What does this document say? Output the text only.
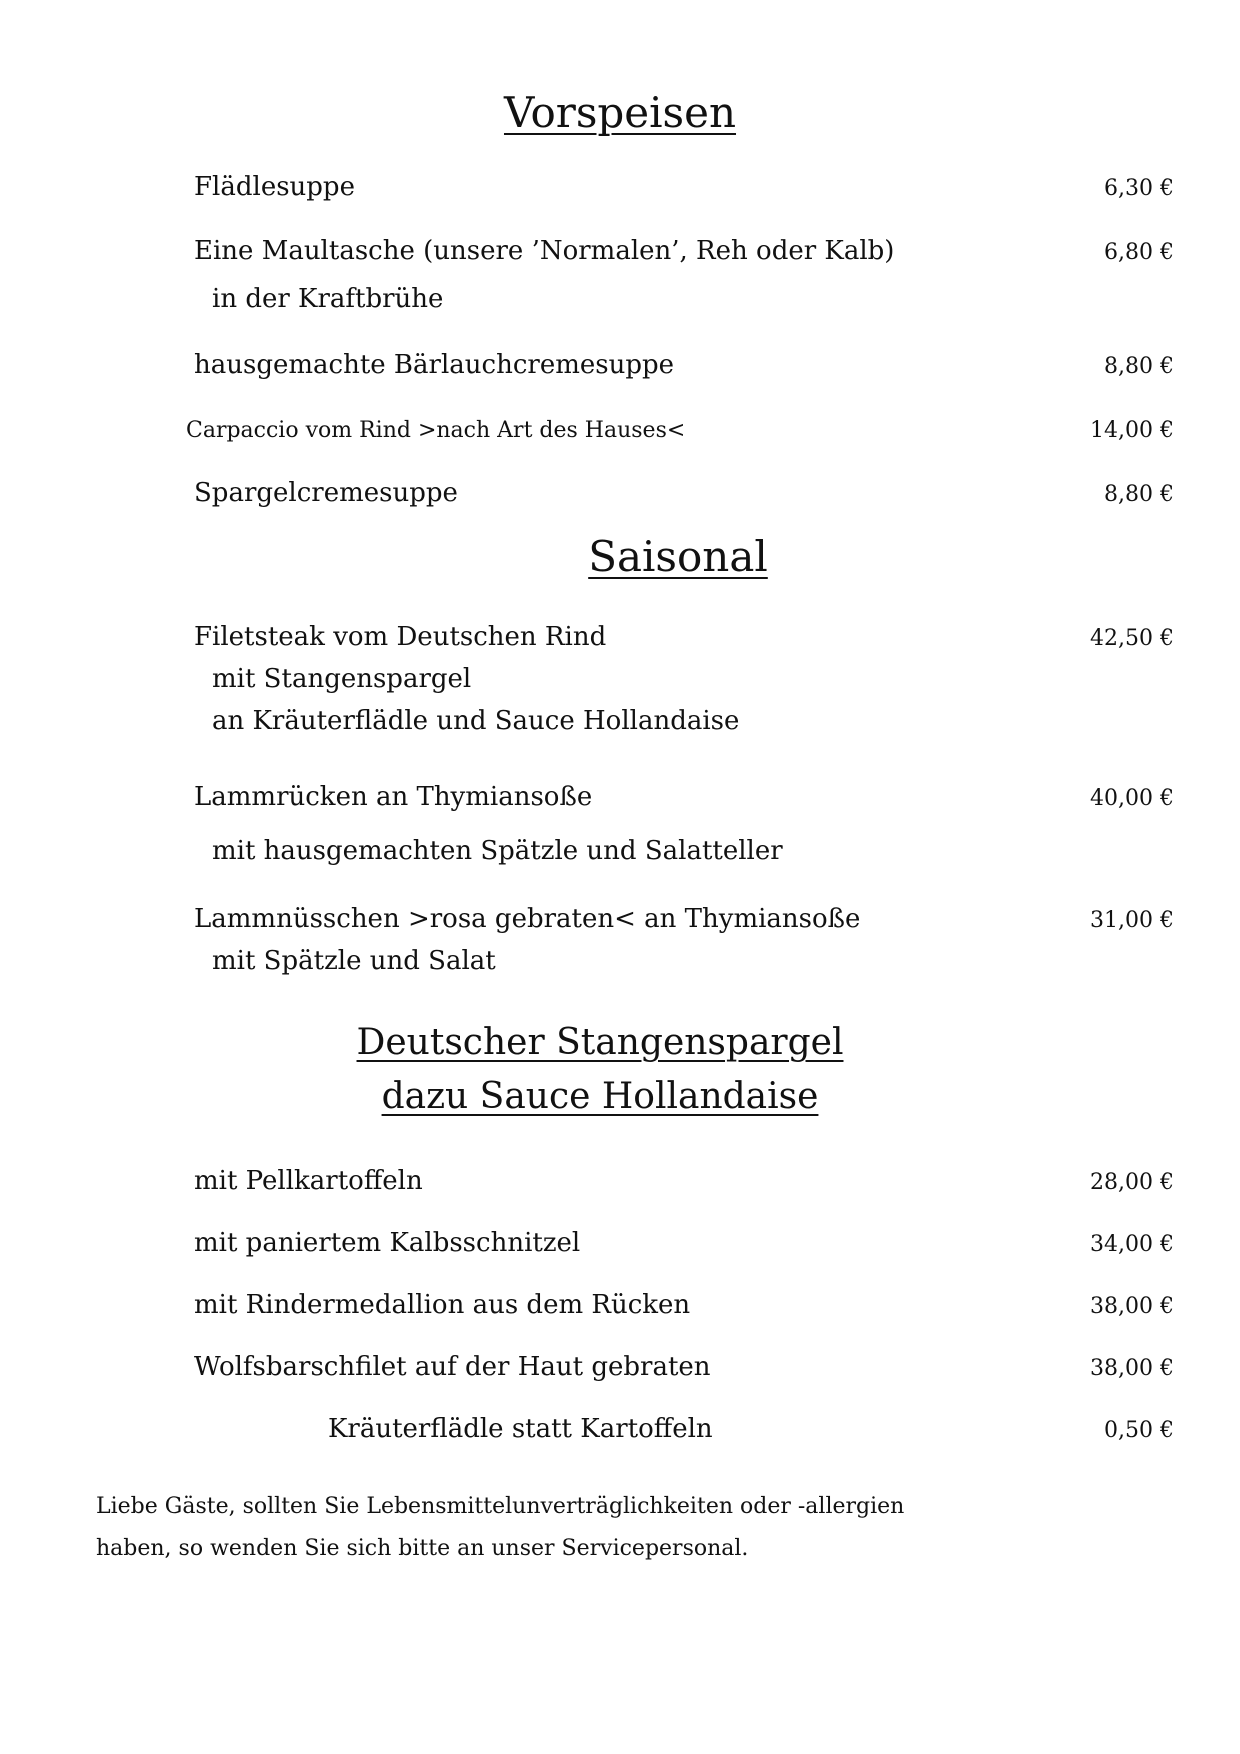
Vorspeisen
Flädlesuppe	6,30 €
Eine Maultasche (unsere ’Normalen’, Reh oder Kalb)	6,80 €
in der Kraftbrühe
hausgemachte Bärlauchcremesuppe	8,80 €
Carpaccio vom Rind >nach Art des Hauses<	14,00 €
Spargelcremesuppe	8,80 €
Saisonal
Filetsteak vom Deutschen Rind	42,50 €
mit Stangenspargel
an Kräuterflädle und Sauce Hollandaise
Lammrücken an Thymiansoße	40,00 €
mit hausgemachten Spätzle und Salatteller
Lammnüsschen >rosa gebraten< an Thymiansoße	31,00 €
mit Spätzle und Salat
Deutscher Stangenspargel
dazu Sauce Hollandaise
mit Pellkartoffeln	28,00 €
mit paniertem Kalbsschnitzel	34,00 €
mit Rindermedallion aus dem Rücken	38,00 €
Wolfsbarschfilet auf der Haut gebraten	38,00 €
Kräuterflädle statt Kartoffeln	0,50 €
Liebe Gäste, sollten Sie Lebensmittelunverträglichkeiten oder -allergien
haben, so wenden Sie sich bitte an unser Servicepersonal.
